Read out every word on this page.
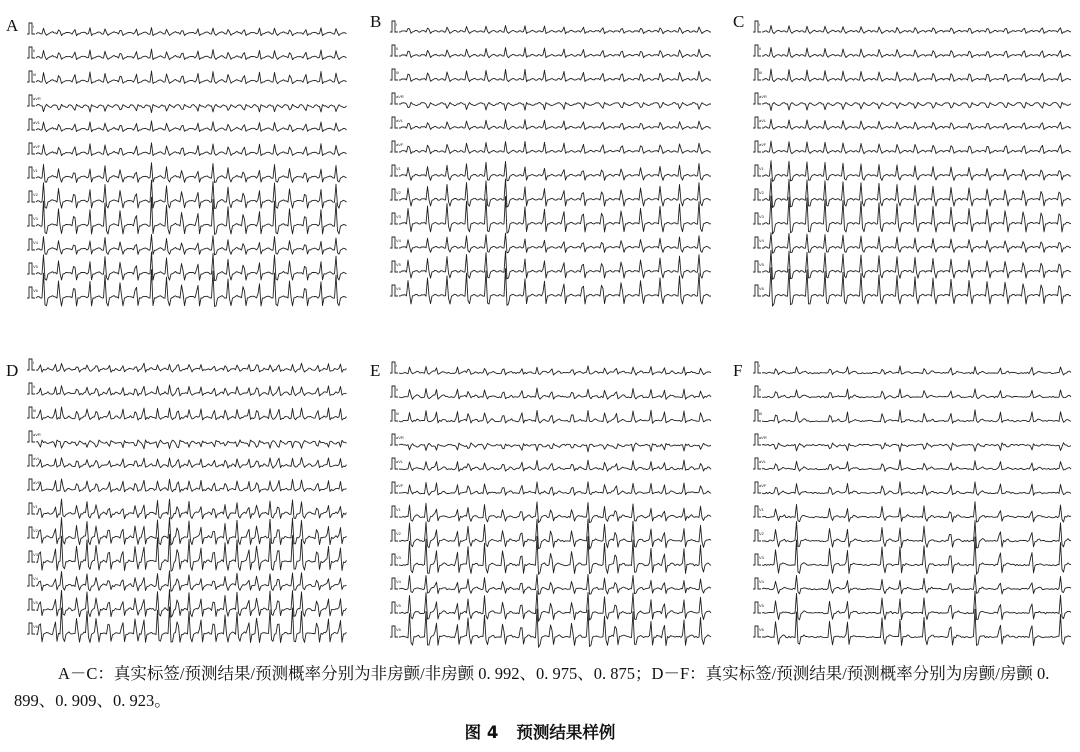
A	B	C
D	E	F
I
II
III
aVR
aVL
aVF
V1
V2
V3
V4
V5
V6
I
II
III
aVR
aVL
aVF
V1
V2
V3
V4
V5
V6
I
II
III
aVR
aVL
aVF
V1
V2
V3
V4
V5
V6
I
II
III
aVR
aVL
aVF
V1
V2
V3
V4
V5
V6
I
II
III
aVR
aVL
aVF
V1
V2
V3
V4
V5
V6
I
II
III
aVR
aVL
aVF
V1
V2
V3
V4
V5
V6
A－C：真实标签/预测结果/预测概率分别为非房颤/非房颤 0. 992、0. 975、0. 875；D－F：真实标签/预测结果/预测概率分别为房颤/房颤 0. 899、0. 909、0. 923。
图 4 预测结果样例
